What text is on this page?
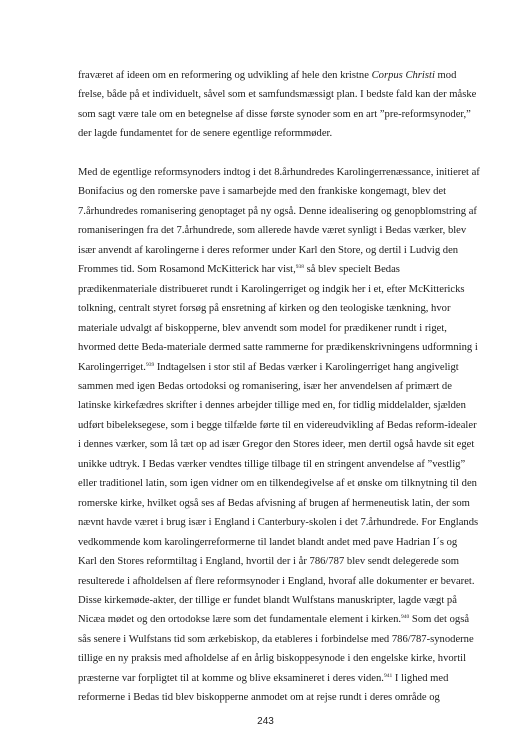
fraværet af ideen om en reformering og udvikling af hele den kristne Corpus Christi mod
frelse, både på et individuelt, såvel som et samfundsmæssigt plan. I bedste fald kan der måske
som sagt være tale om en betegnelse af disse første synoder som en art ”pre-reformsynoder,”
der lagde fundamentet for de senere egentlige reformmøder.
Med de egentlige reformsynoders indtog i det 8.århundredes Karolingerrenæssance, initieret af
Bonifacius og den romerske pave i samarbejde med den frankiske kongemagt, blev det
7.århundredes romanisering genoptaget på ny også. Denne idealisering og genopblomstring af
romaniseringen fra det 7.århundrede, som allerede havde været synligt i Bedas værker, blev
især anvendt af karolingerne i deres reformer under Karl den Store, og dertil i Ludvig den
Frommes tid. Som Rosamond McKitterick har vist,$^{938}$ så blev specielt Bedas
prædikenmateriale distribueret rundt i Karolingerriget og indgik her i et, efter McKittericks
tolkning, centralt styret forsøg på ensretning af kirken og den teologiske tænkning, hvor
materiale udvalgt af biskopperne, blev anvendt som model for prædikener rundt i riget,
hvormed dette Beda-materiale dermed satte rammerne for prædikenskrivningens udformning i
Karolingerriget.$^{939}$ Indtagelsen i stor stil af Bedas værker i Karolingerriget hang angiveligt
sammen med igen Bedas ortodoksi og romanisering, især her anvendelsen af primært de
latinske kirkefædres skrifter i dennes arbejder tillige med en, for tidlig middelalder, sjælden
udført bibeleksegese, som i begge tilfælde førte til en videreudvikling af Bedas reform-idealer
i dennes værker, som lå tæt op ad især Gregor den Stores ideer, men dertil også havde sit eget
unikke udtryk. I Bedas værker vendtes tillige tilbage til en stringent anvendelse af ”vestlig”
eller traditionel latin, som igen vidner om en tilkendegivelse af et ønske om tilknytning til den
romerske kirke, hvilket også ses af Bedas afvisning af brugen af hermeneutisk latin, der som
nævnt havde været i brug især i England i Canterbury-skolen i det 7.århundrede. For Englands
vedkommende kom karolingerreformerne til landet blandt andet med pave Hadrian I´s og
Karl den Stores reformtiltag i England, hvortil der i år 786/787 blev sendt delegerede som
resulterede i afholdelsen af flere reformsynoder i England, hvoraf alle dokumenter er bevaret.
Disse kirkemøde-akter, der tillige er fundet blandt Wulfstans manuskripter, lagde vægt på
Nicæa mødet og den ortodokse lære som det fundamentale element i kirken.$^{940}$ Som det også
sås senere i Wulfstans tid som ærkebiskop, da etableres i forbindelse med 786/787-synoderne
tillige en ny praksis med afholdelse af en årlig biskoppesynode i den engelske kirke, hvortil
præsterne var forpligtet til at komme og blive eksamineret i deres viden.$^{941}$ I lighed med
reformerne i Bedas tid blev biskopperne anmodet om at rejse rundt i deres område og
243
